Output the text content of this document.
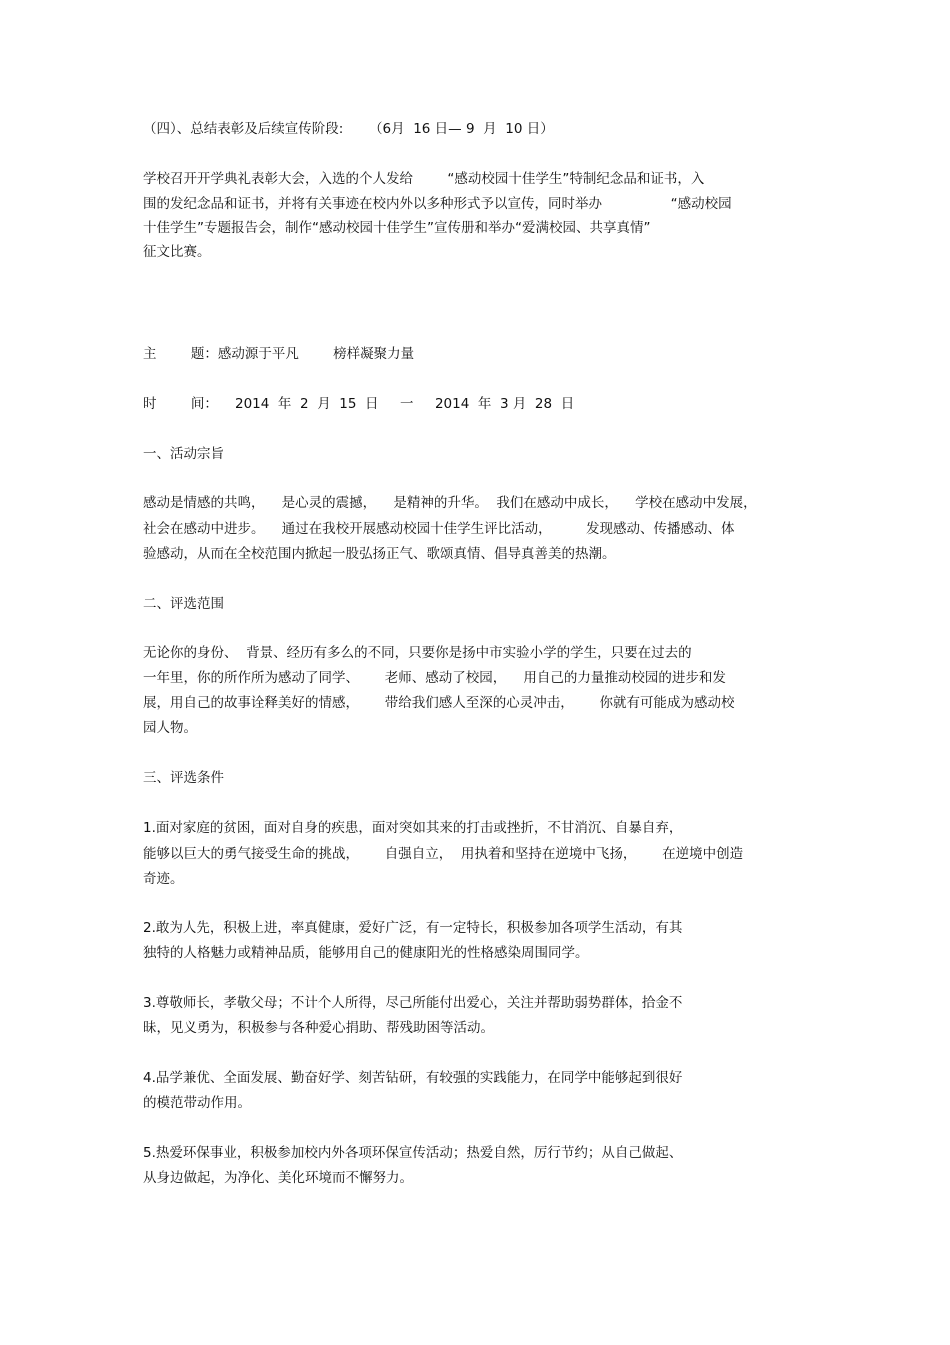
（四）、总结表彰及后续宣传阶段:      （6月  16 日— 9  月  10 日）
学校召开开学典礼表彰大会，入选的个人发给        “感动校园十佳学生”特制纪念品和证书，入
围的发纪念品和证书，并将有关事迹在校内外以多种形式予以宣传，同时举办                “感动校园
十佳学生”专题报告会，制作“感动校园十佳学生”宣传册和举办“爱满校园、共享真情”
征文比赛。
主        题：感动源于平凡        榜样凝聚力量
时        间：    2014  年  2  月  15  日     一     2014  年  3 月  28  日
一、活动宗旨
感动是情感的共鸣，    是心灵的震撼，    是精神的升华。  我们在感动中成长，    学校在感动中发展，
社会在感动中进步。    通过在我校开展感动校园十佳学生评比活动，        发现感动、传播感动、体
验感动，从而在全校范围内掀起一股弘扬正气、歌颂真情、倡导真善美的热潮。
二、评选范围
无论你的身份、  背景、经历有多么的不同，只要你是扬中市实验小学的学生，只要在过去的
一年里，你的所作所为感动了同学、      老师、感动了校园，    用自己的力量推动校园的进步和发
展，用自己的故事诠释美好的情感，      带给我们感人至深的心灵冲击，      你就有可能成为感动校
园人物。
三、评选条件
1.面对家庭的贫困，面对自身的疾患，面对突如其来的打击或挫折，不甘消沉、自暴自弃，
能够以巨大的勇气接受生命的挑战，      自强自立，  用执着和坚持在逆境中飞扬，      在逆境中创造
奇迹。
2.敢为人先，积极上进，率真健康，爱好广泛，有一定特长，积极参加各项学生活动，有其
独特的人格魅力或精神品质，能够用自己的健康阳光的性格感染周围同学。
3.尊敬师长，孝敬父母；不计个人所得，尽己所能付出爱心，关注并帮助弱势群体，拾金不
昧，见义勇为，积极参与各种爱心捐助、帮残助困等活动。
4.品学兼优、全面发展、勤奋好学、刻苦钻研，有较强的实践能力，在同学中能够起到很好
的模范带动作用。
5.热爱环保事业，积极参加校内外各项环保宣传活动；热爱自然，厉行节约；从自己做起、
从身边做起，为净化、美化环境而不懈努力。
